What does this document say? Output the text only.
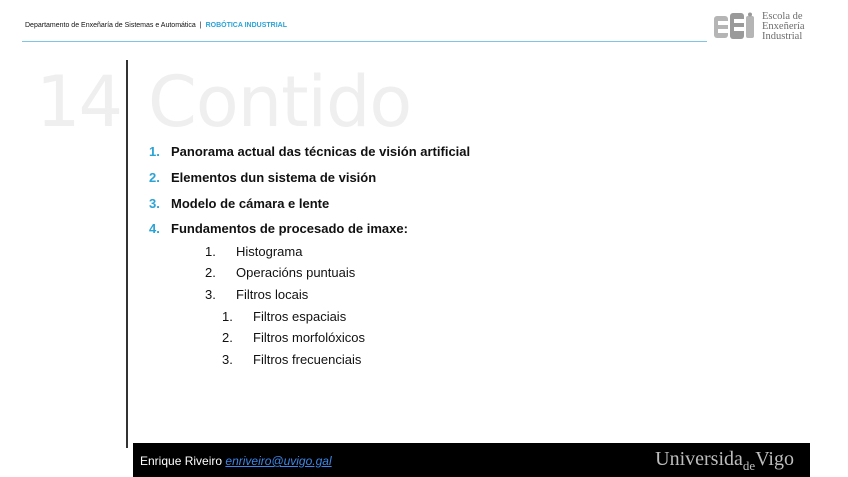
Departamento de Enxeñaría de Sistemas e Automática | ROBÓTICA INDUSTRIAL
Escola de
Enxeñería
Industrial
14 Contido
1. Panorama actual das técnicas de visión artificial
2. Elementos dun sistema de visión
3. Modelo de cámara e lente
4. Fundamentos de procesado de imaxe:
1. Histograma
2. Operacións puntuais
3. Filtros locais
1. Filtros espaciais
2. Filtros morfolóxicos
3. Filtros frecuenciais
Enrique Riveiro enriveiro@uvigo.gal	Universida$_{de}$Vigo
